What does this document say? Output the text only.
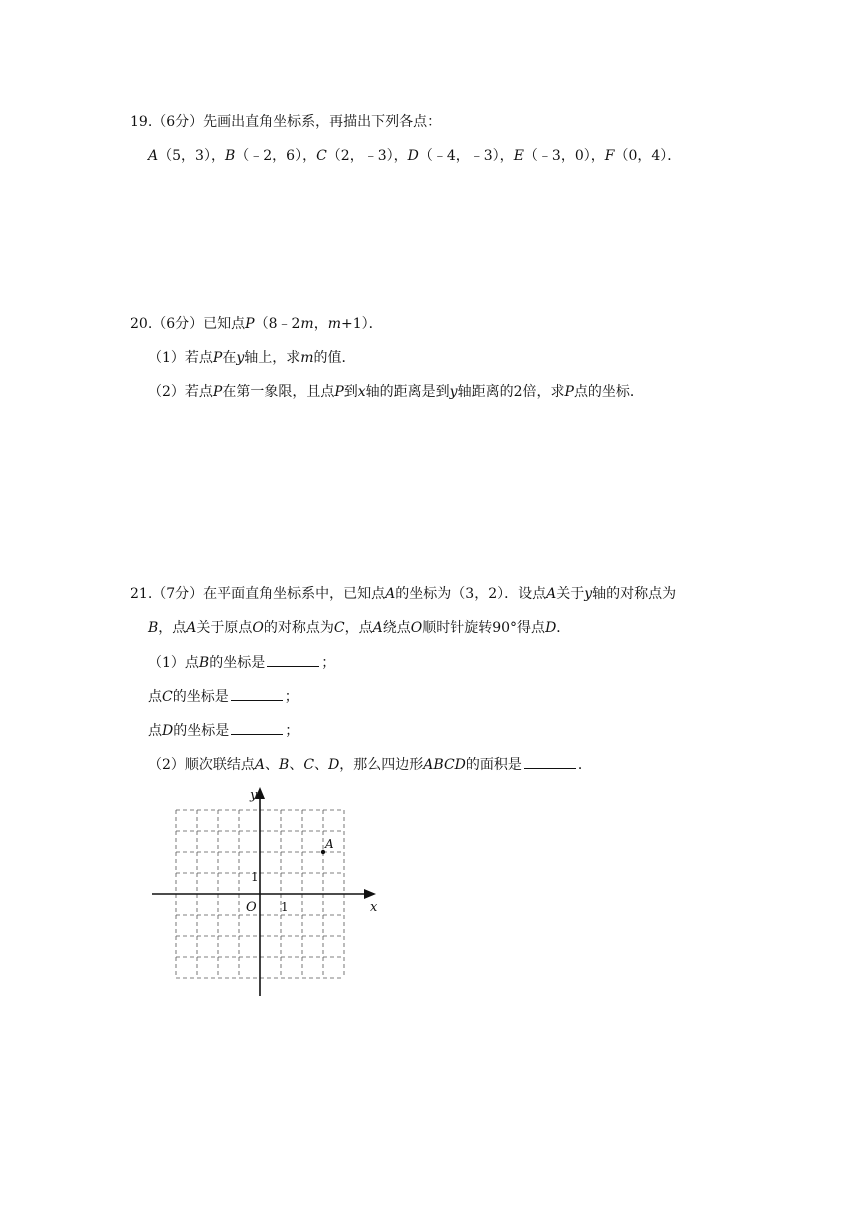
19.（6分）先画出直角坐标系，再描出下列各点：
A（5，3），B（﹣2，6），C（2，﹣3），D（﹣4，﹣3），E（﹣3，0），F（0，4）．
20.（6分）已知点P（8﹣2m，m+1）．
（1）若点P在y轴上，求m的值．
（2）若点P在第一象限，且点P到x轴的距离是到y轴距离的2倍，求P点的坐标．
21.（7分）在平面直角坐标系中，已知点A的坐标为（3，2）．设点A关于y轴的对称点为
B，点A关于原点O的对称点为C，点A绕点O顺时针旋转90°得点D．
（1）点B的坐标是	；
点C的坐标是	；
点D的坐标是	；
（2）顺次联结点A、B、C、D，那么四边形ABCD的面积是	．
x
y
O 1
1
A
